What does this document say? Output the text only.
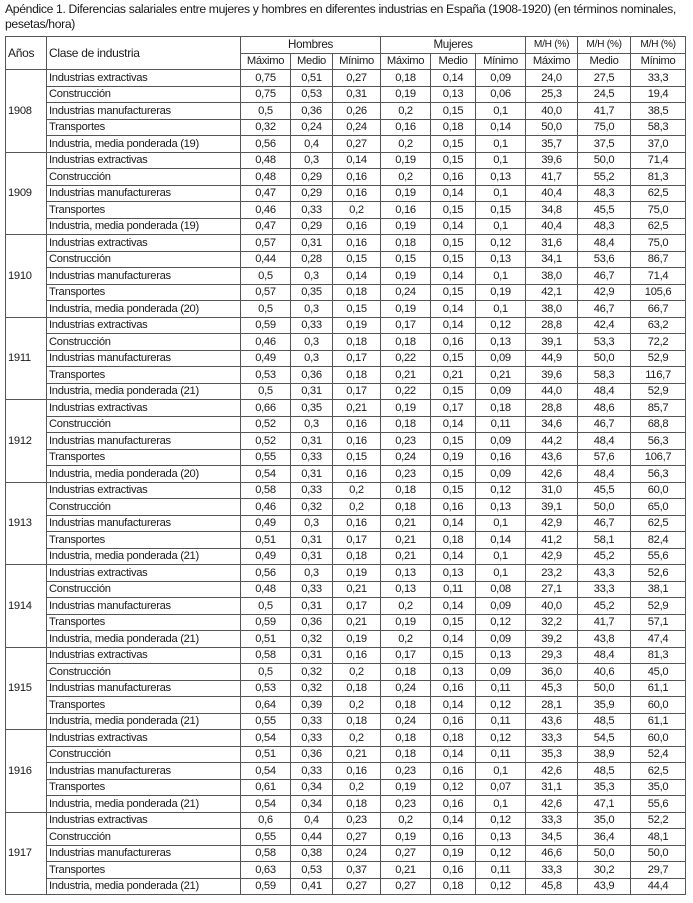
Apéndice 1. Diferencias salariales entre mujeres y hombres en diferentes industrias en España (1908-1920) (en términos nominales, pesetas/hora)
Años	Clase de industria	Hombres			Mujeres			M/H (%)	M/H (%)	M/H (%)
		Máximo	Medio	Mínimo	Máximo	Medio	Mínimo	Máximo	Medio	Mínimo
1908	Industrias extractivas	0,75	0,51	0,27	0,18	0,14	0,09	24,0	27,5	33,3
	Construcción	0,75	0,53	0,31	0,19	0,13	0,06	25,3	24,5	19,4
	Industrias manufactureras	0,5	0,36	0,26	0,2	0,15	0,1	40,0	41,7	38,5
	Transportes	0,32	0,24	0,24	0,16	0,18	0,14	50,0	75,0	58,3
	Industria, media ponderada (19)	0,56	0,4	0,27	0,2	0,15	0,1	35,7	37,5	37,0
1909	Industrias extractivas	0,48	0,3	0,14	0,19	0,15	0,1	39,6	50,0	71,4
	Construcción	0,48	0,29	0,16	0,2	0,16	0,13	41,7	55,2	81,3
	Industrias manufactureras	0,47	0,29	0,16	0,19	0,14	0,1	40,4	48,3	62,5
	Transportes	0,46	0,33	0,2	0,16	0,15	0,15	34,8	45,5	75,0
	Industria, media ponderada (19)	0,47	0,29	0,16	0,19	0,14	0,1	40,4	48,3	62,5
1910	Industrias extractivas	0,57	0,31	0,16	0,18	0,15	0,12	31,6	48,4	75,0
	Construcción	0,44	0,28	0,15	0,15	0,15	0,13	34,1	53,6	86,7
	Industrias manufactureras	0,5	0,3	0,14	0,19	0,14	0,1	38,0	46,7	71,4
	Transportes	0,57	0,35	0,18	0,24	0,15	0,19	42,1	42,9	105,6
	Industria, media ponderada (20)	0,5	0,3	0,15	0,19	0,14	0,1	38,0	46,7	66,7
1911	Industrias extractivas	0,59	0,33	0,19	0,17	0,14	0,12	28,8	42,4	63,2
	Construcción	0,46	0,3	0,18	0,18	0,16	0,13	39,1	53,3	72,2
	Industrias manufactureras	0,49	0,3	0,17	0,22	0,15	0,09	44,9	50,0	52,9
	Transportes	0,53	0,36	0,18	0,21	0,21	0,21	39,6	58,3	116,7
	Industria, media ponderada (21)	0,5	0,31	0,17	0,22	0,15	0,09	44,0	48,4	52,9
1912	Industrias extractivas	0,66	0,35	0,21	0,19	0,17	0,18	28,8	48,6	85,7
	Construcción	0,52	0,3	0,16	0,18	0,14	0,11	34,6	46,7	68,8
	Industrias manufactureras	0,52	0,31	0,16	0,23	0,15	0,09	44,2	48,4	56,3
	Transportes	0,55	0,33	0,15	0,24	0,19	0,16	43,6	57,6	106,7
	Industria, media ponderada (20)	0,54	0,31	0,16	0,23	0,15	0,09	42,6	48,4	56,3
1913	Industrias extractivas	0,58	0,33	0,2	0,18	0,15	0,12	31,0	45,5	60,0
	Construcción	0,46	0,32	0,2	0,18	0,16	0,13	39,1	50,0	65,0
	Industrias manufactureras	0,49	0,3	0,16	0,21	0,14	0,1	42,9	46,7	62,5
	Transportes	0,51	0,31	0,17	0,21	0,18	0,14	41,2	58,1	82,4
	Industria, media ponderada (21)	0,49	0,31	0,18	0,21	0,14	0,1	42,9	45,2	55,6
1914	Industrias extractivas	0,56	0,3	0,19	0,13	0,13	0,1	23,2	43,3	52,6
	Construcción	0,48	0,33	0,21	0,13	0,11	0,08	27,1	33,3	38,1
	Industrias manufactureras	0,5	0,31	0,17	0,2	0,14	0,09	40,0	45,2	52,9
	Transportes	0,59	0,36	0,21	0,19	0,15	0,12	32,2	41,7	57,1
	Industria, media ponderada (21)	0,51	0,32	0,19	0,2	0,14	0,09	39,2	43,8	47,4
1915	Industrias extractivas	0,58	0,31	0,16	0,17	0,15	0,13	29,3	48,4	81,3
	Construcción	0,5	0,32	0,2	0,18	0,13	0,09	36,0	40,6	45,0
	Industrias manufactureras	0,53	0,32	0,18	0,24	0,16	0,11	45,3	50,0	61,1
	Transportes	0,64	0,39	0,2	0,18	0,14	0,12	28,1	35,9	60,0
	Industria, media ponderada (21)	0,55	0,33	0,18	0,24	0,16	0,11	43,6	48,5	61,1
1916	Industrias extractivas	0,54	0,33	0,2	0,18	0,18	0,12	33,3	54,5	60,0
	Construcción	0,51	0,36	0,21	0,18	0,14	0,11	35,3	38,9	52,4
	Industrias manufactureras	0,54	0,33	0,16	0,23	0,16	0,1	42,6	48,5	62,5
	Transportes	0,61	0,34	0,2	0,19	0,12	0,07	31,1	35,3	35,0
	Industria, media ponderada (21)	0,54	0,34	0,18	0,23	0,16	0,1	42,6	47,1	55,6
1917	Industrias extractivas	0,6	0,4	0,23	0,2	0,14	0,12	33,3	35,0	52,2
	Construcción	0,55	0,44	0,27	0,19	0,16	0,13	34,5	36,4	48,1
	Industrias manufactureras	0,58	0,38	0,24	0,27	0,19	0,12	46,6	50,0	50,0
	Transportes	0,63	0,53	0,37	0,21	0,16	0,11	33,3	30,2	29,7
	Industria, media ponderada (21)	0,59	0,41	0,27	0,27	0,18	0,12	45,8	43,9	44,4
